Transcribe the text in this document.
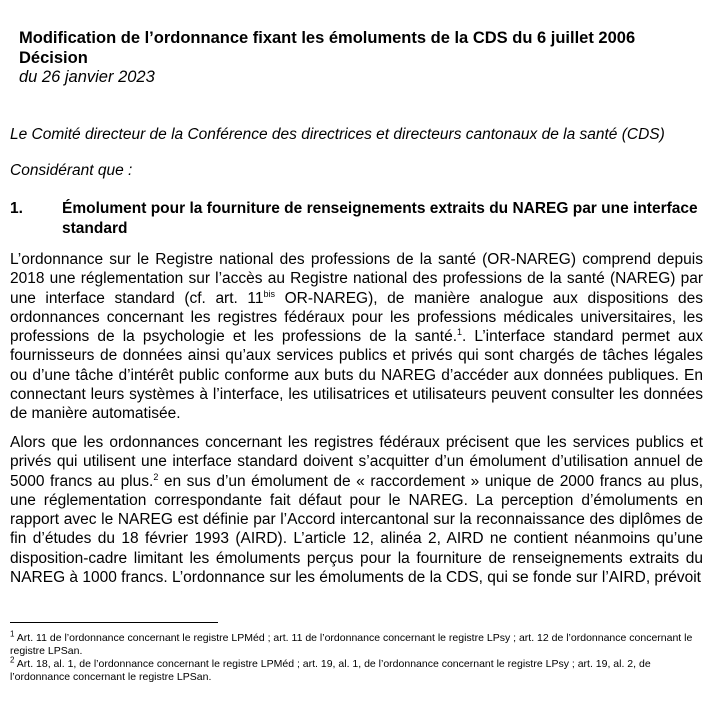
Modification de l’ordonnance fixant les émoluments de la CDS du 6 juillet 2006
Décision
du 26 janvier 2023
Le Comité directeur de la Conférence des directrices et directeurs cantonaux de la santé (CDS)
Considérant que :
1.	Émolument pour la fourniture de renseignements extraits du NAREG par une interface standard

L’ordonnance sur le Registre national des professions de la santé (OR-NAREG) comprend depuis 2018 une réglementation sur l’accès au Registre national des professions de la santé (NAREG) par une interface standard (cf. art. $11^{bis}$ OR-NAREG), de manière analogue aux dispositions des ordonnances concernant les registres fédéraux pour les professions médicales universitaires, les professions de la psychologie et les professions de la santé.$^1$. L’interface standard permet aux fournisseurs de données ainsi qu’aux services publics et privés qui sont chargés de tâches légales ou d’une tâche d’intérêt public conforme aux buts du NAREG d’accéder aux données publiques. En connectant leurs systèmes à l’interface, les utilisatrices et utilisateurs peuvent consulter les données de manière automatisée.

Alors que les ordonnances concernant les registres fédéraux précisent que les services publics et privés qui utilisent une interface standard doivent s’acquitter d’un émolument d’utilisation annuel de 5000 francs au plus.$^2$ en sus d’un émolument de « raccordement » unique de 2000 francs au plus, une réglementation correspondante fait défaut pour le NAREG. La perception d’émoluments en rapport avec le NAREG est définie par l’Accord intercantonal sur la reconnaissance des diplômes de fin d’études du 18 février 1993 (AIRD). L’article 12, alinéa 2, AIRD ne contient néanmoins qu’une disposition-cadre limitant les émoluments perçus pour la fourniture de renseignements extraits du NAREG à 1000 francs. L’ordonnance sur les émoluments de la CDS, qui se fonde sur l’AIRD, prévoit

$^1$ Art. 11 de l’ordonnance concernant le registre LPMéd ; art. 11 de l’ordonnance concernant le registre LPsy ; art. 12 de l’ordonnance concernant le registre LPSan.
$^2$ Art. 18, al. 1, de l’ordonnance concernant le registre LPMéd ; art. 19, al. 1, de l’ordonnance concernant le registre LPsy ; art. 19, al. 2, de l’ordonnance concernant le registre LPSan.
